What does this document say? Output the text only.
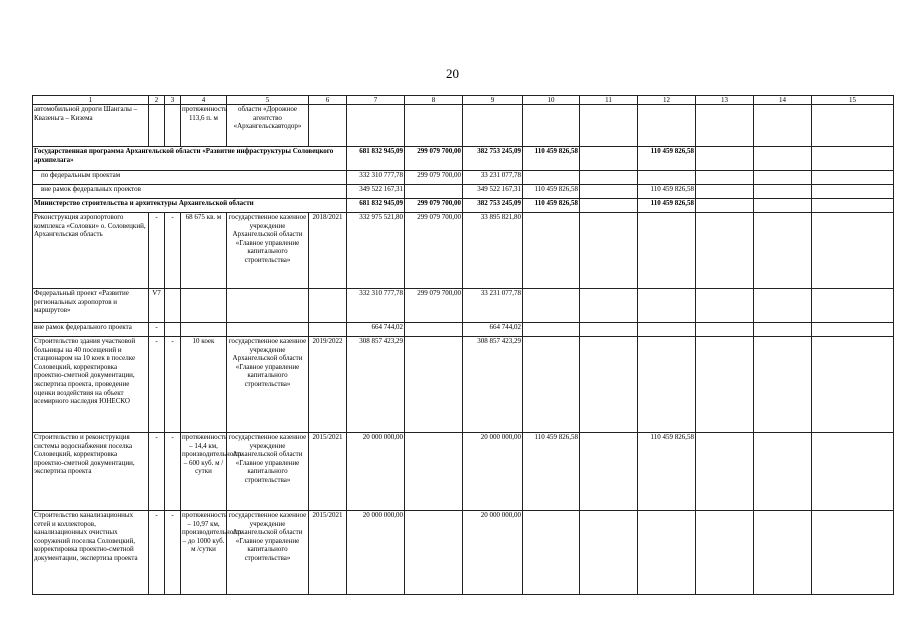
20
1	2	3	4	5	6	7	8	9	10	11	12	13	14	15
автомобильной дороги Шангалы – Квазеньга – Кизема			протяженность 113,6 п. м	области «Дорожное агентство «Архангельскавтодор»										
Государственная программа Архангельской области «Развитие инфраструктуры Соловецкого архипелага»						681 832 945,09	299 079 700,00	382 753 245,09	110 459 826,58		110 459 826,58			
по федеральным проектам						332 310 777,78	299 079 700,00	33 231 077,78						
вне рамок федеральных проектов						349 522 167,31		349 522 167,31	110 459 826,58		110 459 826,58			
Министерство строительства и архитектуры Архангельской области						681 832 945,09	299 079 700,00	382 753 245,09	110 459 826,58		110 459 826,58			
Реконструкция аэропортового комплекса «Соловки» о. Соловецкий, Архангельская область	-	-	68 675 кв. м	государственное казенное учреждение Архангельской области «Главное управление капитального строительства»	2018/2021	332 975 521,80	299 079 700,00	33 895 821,80						
Федеральный проект «Развитие региональных аэропортов и маршрутов»	V7					332 310 777,78	299 079 700,00	33 231 077,78						
вне рамок федерального проекта	-					664 744,02		664 744,02						
Строительство здания участковой больницы на 40 посещений и стационаром на 10 коек в поселке Соловецкий, корректировка проектно-сметной документации, экспертиза проекта, проведение оценки воздействия на объект всемирного наследия ЮНЕСКО	-	-	10 коек	государственное казенное учреждение Архангельской области «Главное управление капитального строительства»	2019/2022	308 857 423,29		308 857 423,29						
Строительство и реконструкция системы водоснабжения поселка Соловецкий, корректировка проектно-сметной документации, экспертиза проекта	-	-	протяженность – 14,4 км, производительность – 600 куб. м /сутки	государственное казенное учреждение Архангельской области «Главное управление капитального строительства»	2015/2021	20 000 000,00		20 000 000,00	110 459 826,58		110 459 826,58			
Строительство канализационных сетей и коллекторов, канализационных очистных сооружений поселка Соловецкий, корректировка проектно-сметной документации, экспертиза проекта	-	-	протяженность – 10,97 км, производительность – до 1000 куб. м /сутки	государственное казенное учреждение Архангельской области «Главное управление капитального строительства»	2015/2021	20 000 000,00		20 000 000,00						
